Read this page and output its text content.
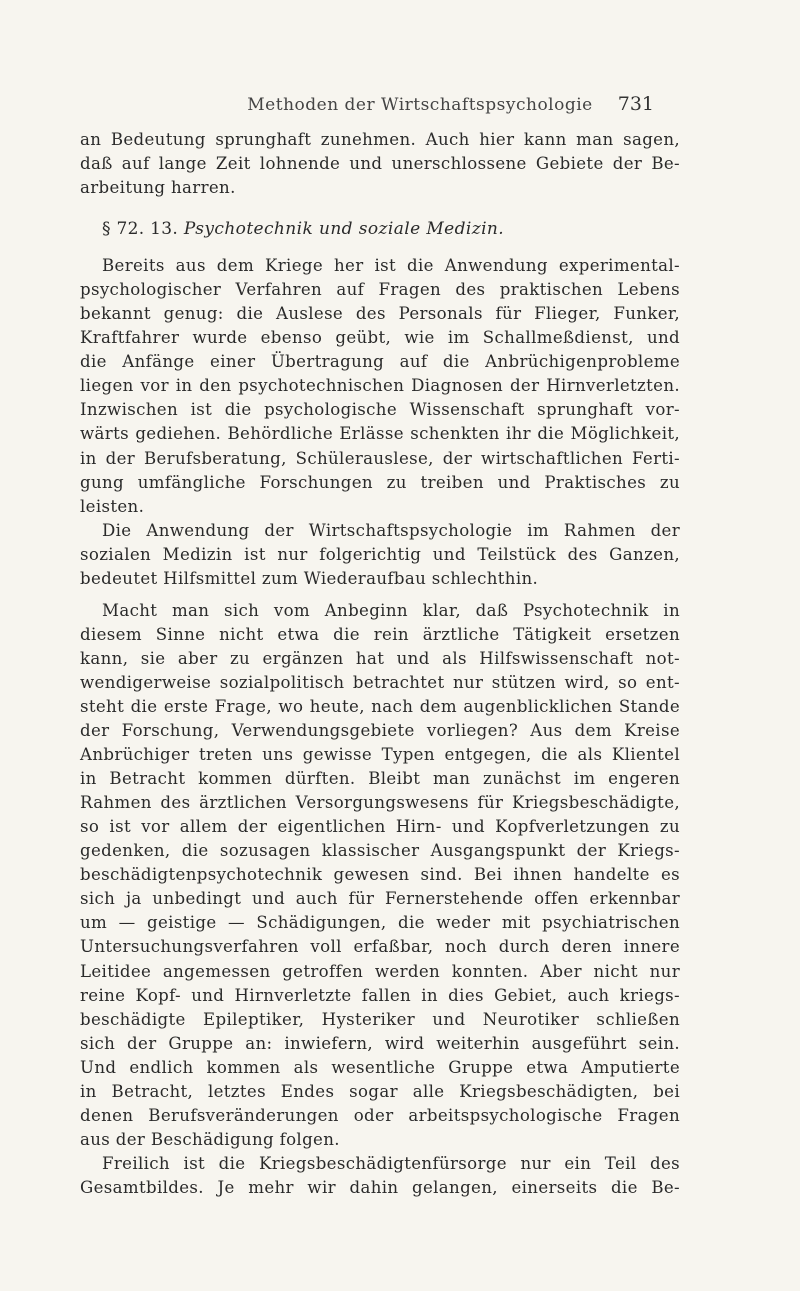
Methoden der Wirtschaftspsychologie	731
an Bedeutung sprunghaft zunehmen. Auch hier kann man sagen,
daß auf lange Zeit lohnende und unerschlossene Gebiete der Be-
arbeitung harren.
§ 72. 13. Psychotechnik und soziale Medizin.
Bereits aus dem Kriege her ist die Anwendung experimental-
psychologischer Verfahren auf Fragen des praktischen Lebens
bekannt genug: die Auslese des Personals für Flieger, Funker,
Kraftfahrer wurde ebenso geübt, wie im Schallmeßdienst, und
die Anfänge einer Übertragung auf die Anbrüchigenprobleme
liegen vor in den psychotechnischen Diagnosen der Hirnverletzten.
Inzwischen ist die psychologische Wissenschaft sprunghaft vor-
wärts gediehen. Behördliche Erlässe schenkten ihr die Möglichkeit,
in der Berufsberatung, Schülerauslese, der wirtschaftlichen Ferti-
gung umfängliche Forschungen zu treiben und Praktisches zu
leisten.
Die Anwendung der Wirtschaftspsychologie im Rahmen der
sozialen Medizin ist nur folgerichtig und Teilstück des Ganzen,
bedeutet Hilfsmittel zum Wiederaufbau schlechthin.
Macht man sich vom Anbeginn klar, daß Psychotechnik in
diesem Sinne nicht etwa die rein ärztliche Tätigkeit ersetzen
kann, sie aber zu ergänzen hat und als Hilfswissenschaft not-
wendigerweise sozialpolitisch betrachtet nur stützen wird, so ent-
steht die erste Frage, wo heute, nach dem augenblicklichen Stande
der Forschung, Verwendungsgebiete vorliegen? Aus dem Kreise
Anbrüchiger treten uns gewisse Typen entgegen, die als Klientel
in Betracht kommen dürften. Bleibt man zunächst im engeren
Rahmen des ärztlichen Versorgungswesens für Kriegsbeschädigte,
so ist vor allem der eigentlichen Hirn- und Kopfverletzungen zu
gedenken, die sozusagen klassischer Ausgangspunkt der Kriegs-
beschädigtenpsychotechnik gewesen sind. Bei ihnen handelte es
sich ja unbedingt und auch für Fernerstehende offen erkennbar
um — geistige — Schädigungen, die weder mit psychiatrischen
Untersuchungsverfahren voll erfaßbar, noch durch deren innere
Leitidee angemessen getroffen werden konnten. Aber nicht nur
reine Kopf- und Hirnverletzte fallen in dies Gebiet, auch kriegs-
beschädigte Epileptiker, Hysteriker und Neurotiker schließen
sich der Gruppe an: inwiefern, wird weiterhin ausgeführt sein.
Und endlich kommen als wesentliche Gruppe etwa Amputierte
in Betracht, letztes Endes sogar alle Kriegsbeschädigten, bei
denen Berufsveränderungen oder arbeitspsychologische Fragen
aus der Beschädigung folgen.
Freilich ist die Kriegsbeschädigtenfürsorge nur ein Teil des
Gesamtbildes. Je mehr wir dahin gelangen, einerseits die Be-
